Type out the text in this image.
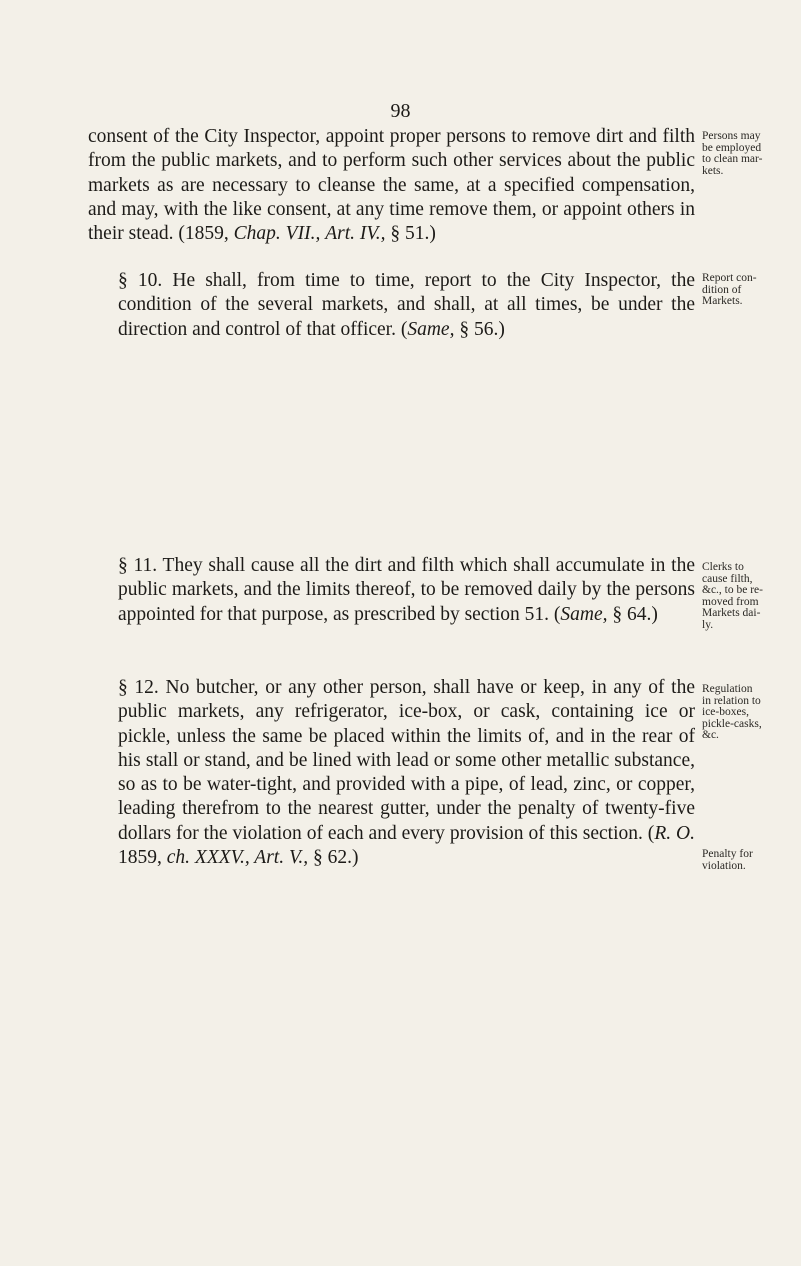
98

consent of the City Inspector, appoint proper persons to remove dirt and filth from the public markets, and to perform such other services about the public markets as are necessary to cleanse the same, at a specified compensation, and may, with the like consent, at any time remove them, or appoint others in their stead. (1859, Chap. VII., Art. IV., § 51.)

§ 10. He shall, from time to time, report to the City Inspector, the condition of the several markets, and shall, at all times, be under the direction and control of that officer. (Same, § 56.)

§ 11. They shall cause all the dirt and filth which shall accumulate in the public markets, and the limits thereof, to be removed daily by the persons appointed for that purpose, as prescribed by section 51. (Same, § 64.)

§ 12. No butcher, or any other person, shall have or keep, in any of the public markets, any refrigerator, ice-box, or cask, containing ice or pickle, unless the same be placed within the limits of, and in the rear of his stall or stand, and be lined with lead or some other metallic substance, so as to be water-tight, and provided with a pipe, of lead, zinc, or copper, leading therefrom to the nearest gutter, under the penalty of twenty-five dollars for the violation of each and every provision of this section. (R. O. 1859, ch. XXXV., Art. V., § 62.)

Persons may
be employed
to clean mar-
kets.
Report con-
dition of
Markets.
Clerks to
cause filth,
&c., to be re-
moved from
Markets dai-
ly.
Regulation
in relation to
ice-boxes,
pickle-casks,
&c.
Penalty for
violation.
